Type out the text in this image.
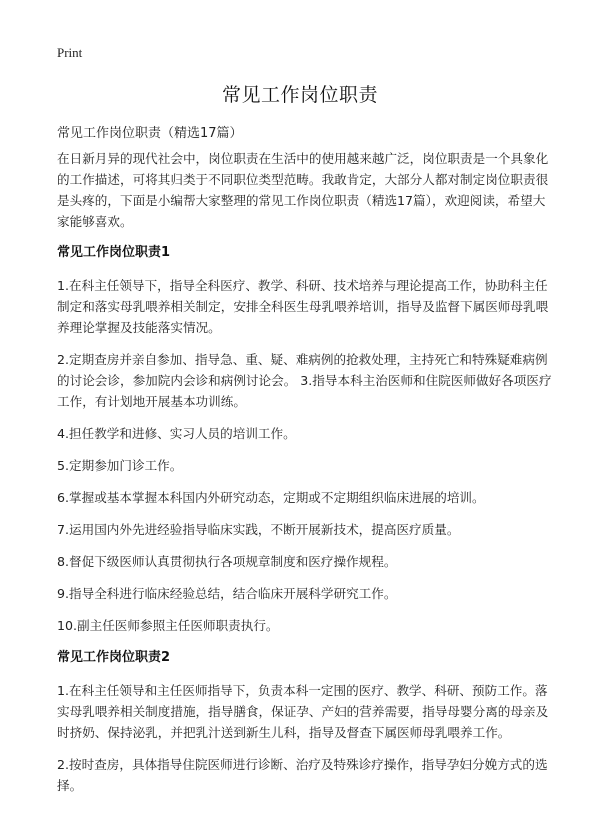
Print
常见工作岗位职责
常见工作岗位职责（精选17篇）

在日新月异的现代社会中，岗位职责在生活中的使用越来越广泛，岗位职责是一个具象化的工作描述，可将其归类于不同职位类型范畴。我敢肯定，大部分人都对制定岗位职责很是头疼的，下面是小编帮大家整理的常见工作岗位职责（精选17篇），欢迎阅读，希望大家能够喜欢。

常见工作岗位职责1

1.在科主任领导下，指导全科医疗、教学、科研、技术培养与理论提高工作，协助科主任制定和落实母乳喂养相关制定，安排全科医生母乳喂养培训，指导及监督下属医师母乳喂养理论掌握及技能落实情况。

2.定期查房并亲自参加、指导急、重、疑、难病例的抢救处理，主持死亡和特殊疑难病例的讨论会诊，参加院内会诊和病例讨论会。 3.指导本科主治医师和住院医师做好各项医疗工作，有计划地开展基本功训练。

4.担任教学和进修、实习人员的培训工作。

5.定期参加门诊工作。

6.掌握或基本掌握本科国内外研究动态，定期或不定期组织临床进展的培训。

7.运用国内外先进经验指导临床实践，不断开展新技术，提高医疗质量。

8.督促下级医师认真贯彻执行各项规章制度和医疗操作规程。

9.指导全科进行临床经验总结，结合临床开展科学研究工作。

10.副主任医师参照主任医师职责执行。

常见工作岗位职责2

1.在科主任领导和主任医师指导下，负责本科一定围的医疗、教学、科研、预防工作。落实母乳喂养相关制度措施，指导膳食，保证孕、产妇的营养需要，指导母婴分离的母亲及时挤奶、保持泌乳，并把乳汁送到新生儿科，指导及督查下属医师母乳喂养工作。

2.按时查房，具体指导住院医师进行诊断、治疗及特殊诊疗操作，指导孕妇分娩方式的选择。
